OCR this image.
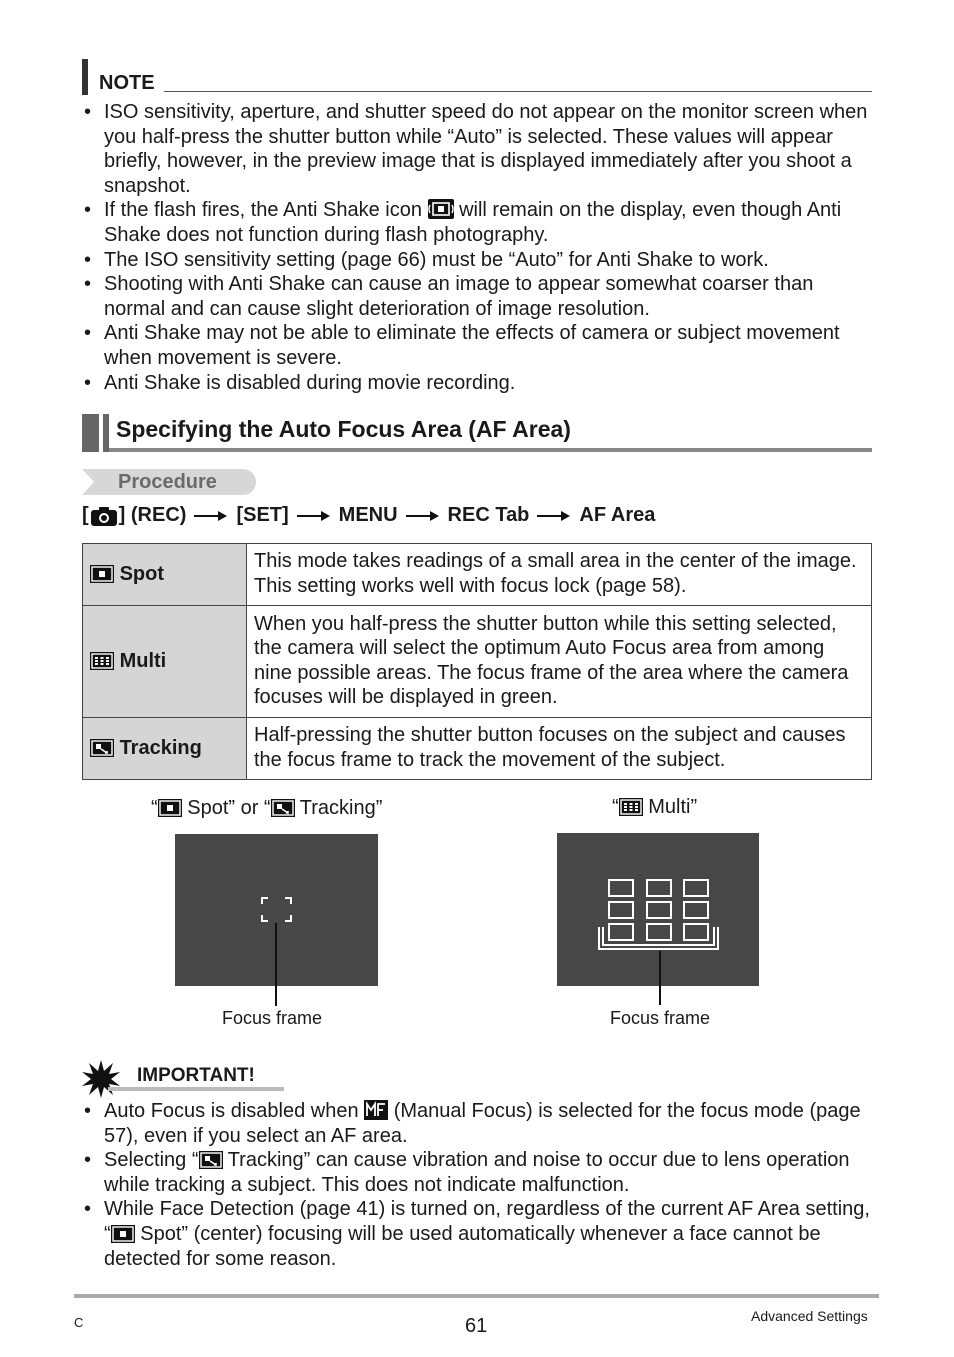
NOTE
• ISO sensitivity, aperture, and shutter speed do not appear on the monitor screen when you half-press the shutter button while “Auto” is selected. These values will appear briefly, however, in the preview image that is displayed immediately after you shoot a snapshot.
• If the flash fires, the Anti Shake icon  will remain on the display, even though Anti Shake does not function during flash photography.
• The ISO sensitivity setting (page 66) must be “Auto” for Anti Shake to work.
• Shooting with Anti Shake can cause an image to appear somewhat coarser than normal and can cause slight deterioration of image resolution.
• Anti Shake may not be able to eliminate the effects of camera or subject movement when movement is severe.
• Anti Shake is disabled during movie recording.
Specifying the Auto Focus Area (AF Area)
Procedure
[ ] (REC)	[SET]	MENU	REC Tab	AF Area
Spot	This mode takes readings of a small area in the center of the image. This setting works well with focus lock (page 58).
Multi	When you half-press the shutter button while this setting selected, the camera will select the optimum Auto Focus area from among nine possible areas. The focus frame of the area where the camera focuses will be displayed in green.
Tracking	Half-pressing the shutter button focuses on the subject and causes the focus frame to track the movement of the subject.
“ Spot” or “ Tracking”
Focus frame
“ Multi”
Focus frame
IMPORTANT!
• Auto Focus is disabled when  (Manual Focus) is selected for the focus mode (page 57), even if you select an AF area.
• Selecting “ Tracking” can cause vibration and noise to occur due to lens operation while tracking a subject. This does not indicate malfunction.
• While Face Detection (page 41) is turned on, regardless of the current AF Area setting, “ Spot” (center) focusing will be used automatically whenever a face cannot be detected for some reason.
C	61	Advanced Settings
